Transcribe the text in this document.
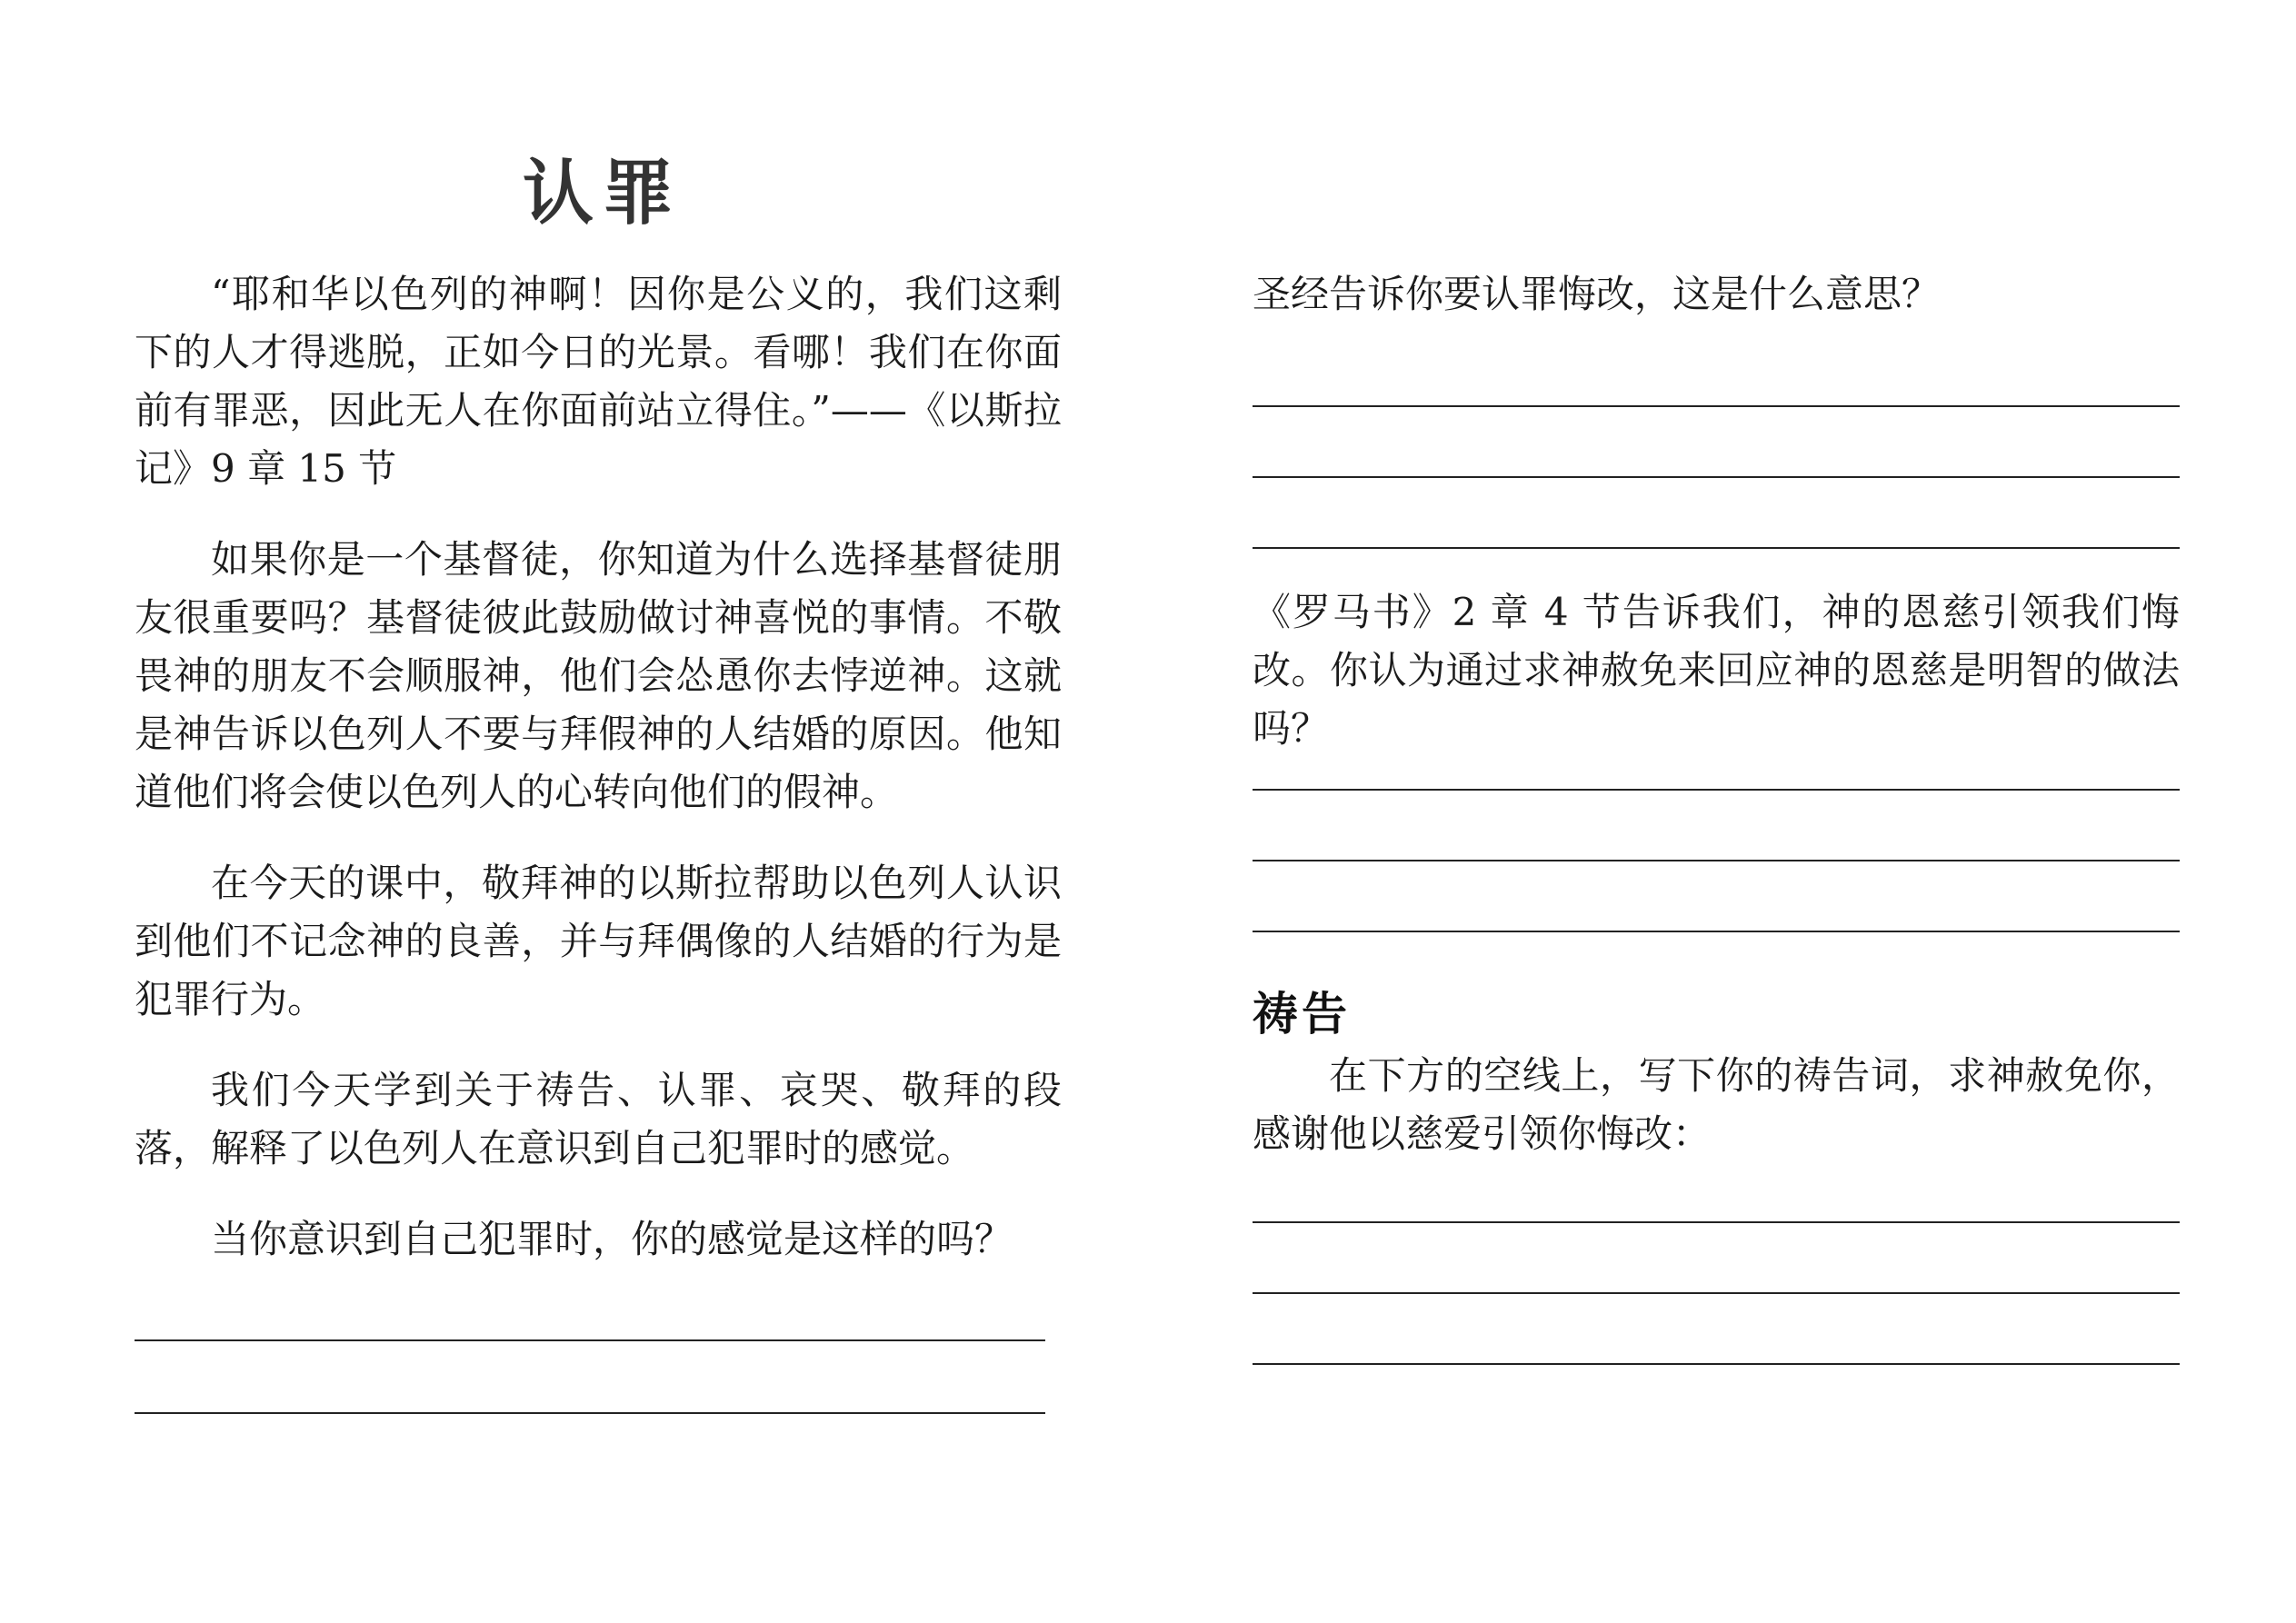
认罪

“耶和华以色列的神啊！因你是公义的，我们这剩下的人才得逃脱，正如今日的光景。看哪！我们在你面前有罪恶，因此无人在你面前站立得住。”——《以斯拉记》9 章 15 节

如果你是一个基督徒，你知道为什么选择基督徒朋友很重要吗？基督徒彼此鼓励做讨神喜悦的事情。不敬畏神的朋友不会顺服神，他们会怂恿你去悖逆神。这就是神告诉以色列人不要与拜假神的人结婚的原因。他知道他们将会使以色列人的心转向他们的假神。

在今天的课中，敬拜神的以斯拉帮助以色列人认识到他们不记念神的良善，并与拜偶像的人结婚的行为是犯罪行为。

我们今天学到关于祷告、认罪、哀哭、敬拜的段落，解释了以色列人在意识到自己犯罪时的感觉。

当你意识到自己犯罪时，你的感觉是这样的吗？

圣经告诉你要认罪悔改，这是什么意思？

《罗马书》2 章 4 节告诉我们，神的恩慈引领我们悔改。你认为通过求神赦免来回应神的恩慈是明智的做法吗？

祷告

在下方的空线上，写下你的祷告词，求神赦免你，感谢他以慈爱引领你悔改：
